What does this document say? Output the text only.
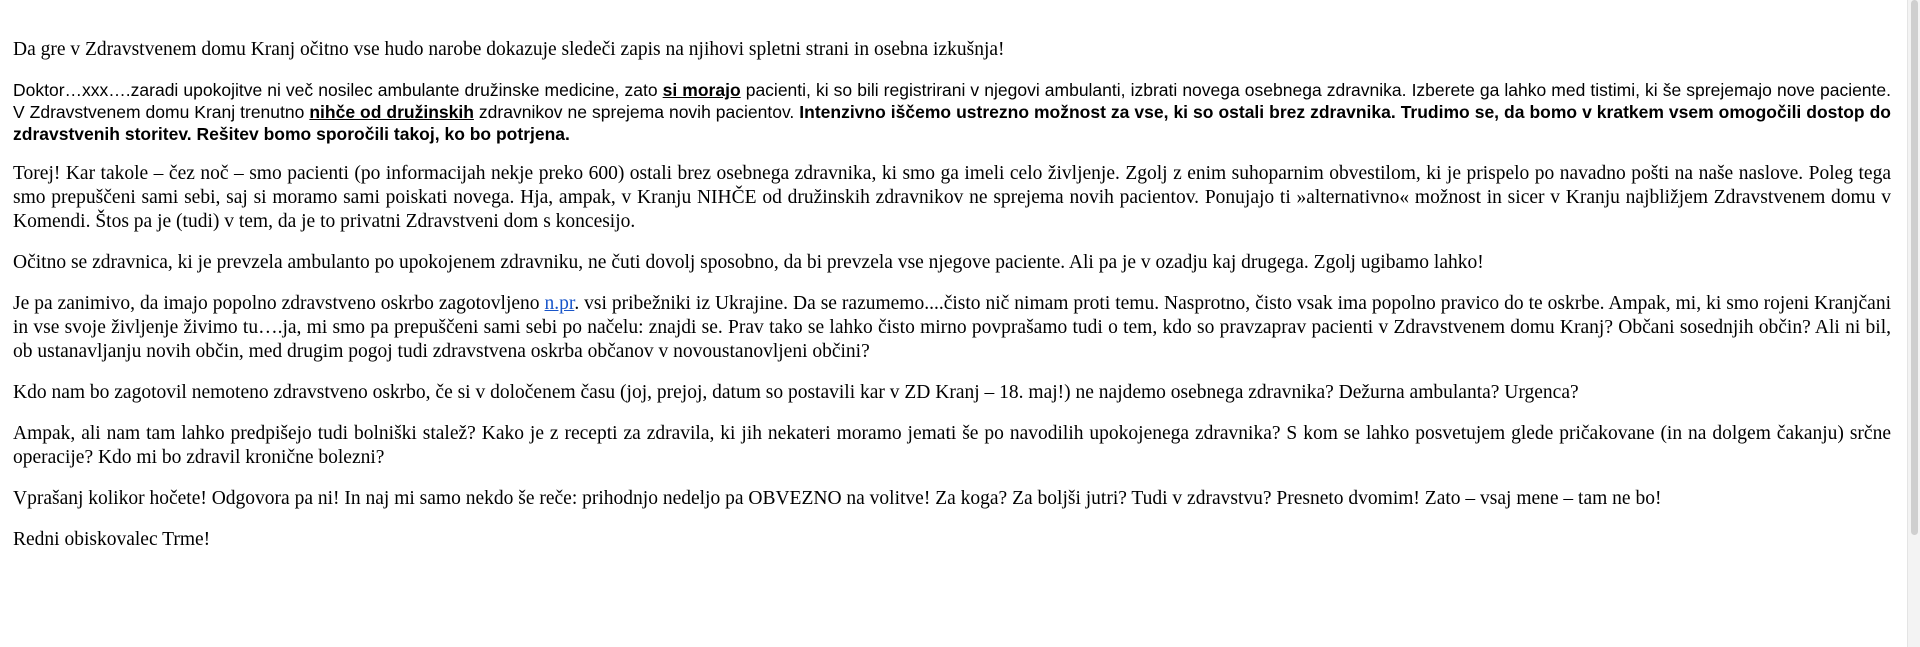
Da gre v Zdravstvenem domu Kranj očitno vse hudo narobe dokazuje sledeči zapis na njihovi spletni strani in osebna izkušnja!

Doktor…xxx….zaradi upokojitve ni več nosilec ambulante družinske medicine, zato si morajo pacienti, ki so bili registrirani v njegovi ambulanti, izbrati novega osebnega zdravnika. Izberete ga lahko med tistimi, ki še sprejemajo nove paciente. V Zdravstvenem domu Kranj trenutno nihče od družinskih zdravnikov ne sprejema novih pacientov. Intenzivno iščemo ustrezno možnost za vse, ki so ostali brez zdravnika. Trudimo se, da bomo v kratkem vsem omogočili dostop do zdravstvenih storitev. Rešitev bomo sporočili takoj, ko bo potrjena.

Torej! Kar takole – čez noč – smo pacienti (po informacijah nekje preko 600) ostali brez osebnega zdravnika, ki smo ga imeli celo življenje. Zgolj z enim suhoparnim obvestilom, ki je prispelo po navadno pošti na naše naslove. Poleg tega smo prepuščeni sami sebi, saj si moramo sami poiskati novega. Hja, ampak, v Kranju NIHČE od družinskih zdravnikov ne sprejema novih pacientov. Ponujajo ti »alternativno« možnost in sicer v Kranju najbližjem Zdravstvenem domu v Komendi. Štos pa je (tudi) v tem, da je to privatni Zdravstveni dom s koncesijo.

Očitno se zdravnica, ki je prevzela ambulanto po upokojenem zdravniku, ne čuti dovolj sposobno, da bi prevzela vse njegove paciente. Ali pa je v ozadju kaj drugega. Zgolj ugibamo lahko!

Je pa zanimivo, da imajo popolno zdravstveno oskrbo zagotovljeno n.pr. vsi pribežniki iz Ukrajine. Da se razumemo....čisto nič nimam proti temu. Nasprotno, čisto vsak ima popolno pravico do te oskrbe. Ampak, mi, ki smo rojeni Kranjčani in vse svoje življenje živimo tu….ja, mi smo pa prepuščeni sami sebi po načelu: znajdi se. Prav tako se lahko čisto mirno povprašamo tudi o tem, kdo so pravzaprav pacienti v Zdravstvenem domu Kranj? Občani sosednjih občin? Ali ni bil, ob ustanavljanju novih občin, med drugim pogoj tudi zdravstvena oskrba občanov v novoustanovljeni občini?

Kdo nam bo zagotovil nemoteno zdravstveno oskrbo, če si v določenem času (joj, prejoj, datum so postavili kar v ZD Kranj – 18. maj!) ne najdemo osebnega zdravnika? Dežurna ambulanta? Urgenca?

Ampak, ali nam tam lahko predpišejo tudi bolniški stalež? Kako je z recepti za zdravila, ki jih nekateri moramo jemati še po navodilih upokojenega zdravnika? S kom se lahko posvetujem glede pričakovane (in na dolgem čakanju) srčne operacije? Kdo mi bo zdravil kronične bolezni?

Vprašanj kolikor hočete! Odgovora pa ni! In naj mi samo nekdo še reče: prihodnjo nedeljo pa OBVEZNO na volitve! Za koga? Za boljši jutri? Tudi v zdravstvu? Presneto dvomim! Zato – vsaj mene – tam ne bo!

Redni obiskovalec Trme!
